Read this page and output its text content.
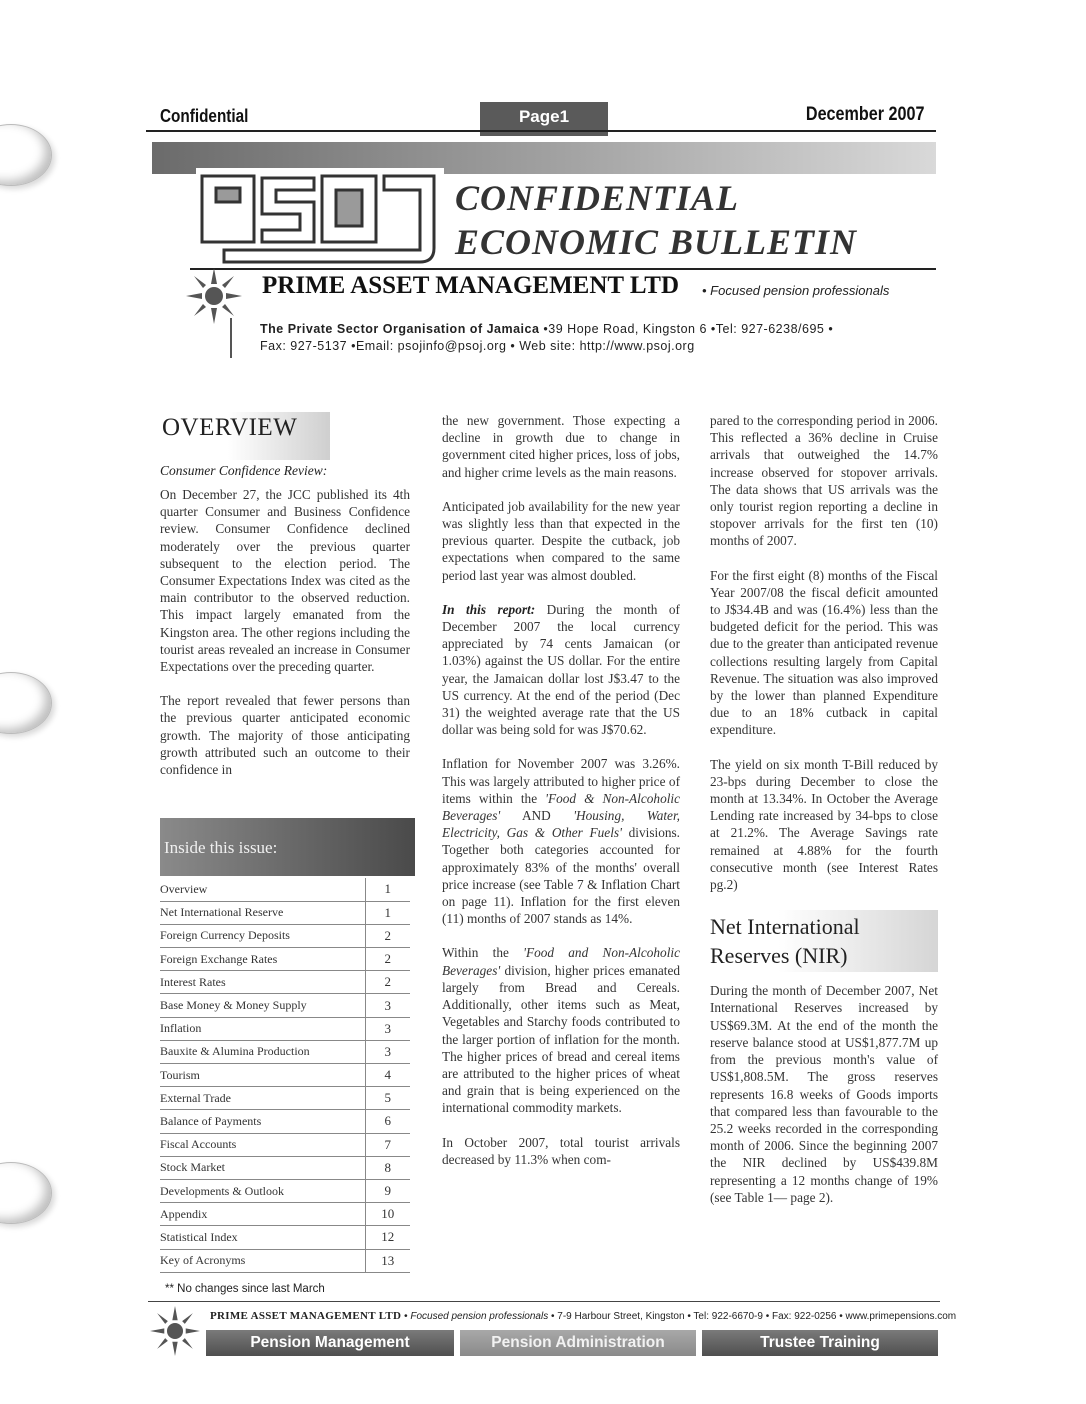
Confidential	Page1	December 2007
CONFIDENTIAL
ECONOMIC BULLETIN
PRIME ASSET MANAGEMENT LTD • Focused pension professionals
The Private Sector Organisation of Jamaica •39 Hope Road, Kingston 6 •Tel: 927-6238/695 •
Fax: 927-5137 •Email: psojinfo@psoj.org • Web site: http://www.psoj.org
OVERVIEW
Consumer Confidence Review:

On December 27, the JCC published its 4th quarter Consumer and Business Confidence review. Consumer Confidence declined moderately over the previous quarter subsequent to the election period. The Consumer Expectations Index was cited as the main contributor to the observed reduction. This impact largely emanated from the Kingston area. The other regions including the tourist areas revealed an increase in Consumer Expectations over the preceding quarter.

The report revealed that fewer persons than the previous quarter anticipated economic growth. The majority of those anticipating growth attributed such an outcome to their confidence in

Inside this issue:
Overview	1
Net International Reserve	1
Foreign Currency Deposits	2
Foreign Exchange Rates	2
Interest Rates	2
Base Money & Money Supply	3
Inflation	3
Bauxite & Alumina Production	3
Tourism	4
External Trade	5
Balance of Payments	6
Fiscal Accounts	7
Stock Market	8
Developments & Outlook	9
Appendix	10
Statistical Index	12
Key of Acronyms	13
** No changes since last March

the new government. Those expecting a decline in growth due to change in government cited higher prices, loss of jobs, and higher crime levels as the main reasons.

Anticipated job availability for the new year was slightly less than that expected in the previous quarter. Despite the cutback, job expectations when compared to the same period last year was almost doubled.

In this report: During the month of December 2007 the local currency appreciated by 74 cents Jamaican (or 1.03%) against the US dollar. For the entire year, the Jamaican dollar lost J$3.47 to the US currency. At the end of the period (Dec 31) the weighted average rate that the US dollar was being sold for was J$70.62.

Inflation for November 2007 was 3.26%. This was largely attributed to higher price of items within the 'Food & Non-Alcoholic Beverages' AND 'Housing, Water, Electricity, Gas & Other Fuels' divisions. Together both categories accounted for approximately 83% of the months' overall price increase (see Table 7 & Inflation Chart on page 11). Inflation for the first eleven (11) months of 2007 stands as 14%.

Within the 'Food and Non-Alcoholic Beverages' division, higher prices emanated largely from Bread and Cereals. Additionally, other items such as Meat, Vegetables and Starchy foods contributed to the larger portion of inflation for the month. The higher prices of bread and cereal items are attributed to the higher prices of wheat and grain that is being experienced on the international commodity markets.

In October 2007, total tourist arrivals decreased by 11.3% when com-

pared to the corresponding period in 2006. This reflected a 36% decline in Cruise arrivals that outweighed the 14.7% increase observed for stopover arrivals. The data shows that US arrivals was the only tourist region reporting a decline in stopover arrivals for the first ten (10) months of 2007.

For the first eight (8) months of the Fiscal Year 2007/08 the fiscal deficit amounted to J$34.4B and was (16.4%) less than the budgeted deficit for the period. This was due to the greater than anticipated revenue collections resulting largely from Capital Revenue. The situation was also improved by the lower than planned Expenditure due to an 18% cutback in capital expenditure.

The yield on six month T-Bill reduced by 23-bps during December to close the month at 13.34%. In October the Average Lending rate increased by 34-bps to close at 21.2%. The Average Savings rate remained at 4.88% for the fourth consecutive month (see Interest Rates pg.2)

Net International Reserves (NIR)

During the month of December 2007, Net International Reserves increased by US$69.3M. At the end of the month the reserve balance stood at US$1,877.7M up from the previous month's value of US$1,808.5M. The gross reserves represents 16.8 weeks of Goods imports that compared less than favourable to the 25.2 weeks recorded in the corresponding month of 2006. Since the beginning 2007 the NIR declined by US$439.8M representing a 12 months change of 19% (see Table 1— page 2).

PRIME ASSET MANAGEMENT LTD • Focused pension professionals • 7-9 Harbour Street, Kingston • Tel: 922-6670-9 • Fax: 922-0256 • www.primepensions.com
Pension Management	Pension Administration	Trustee Training
